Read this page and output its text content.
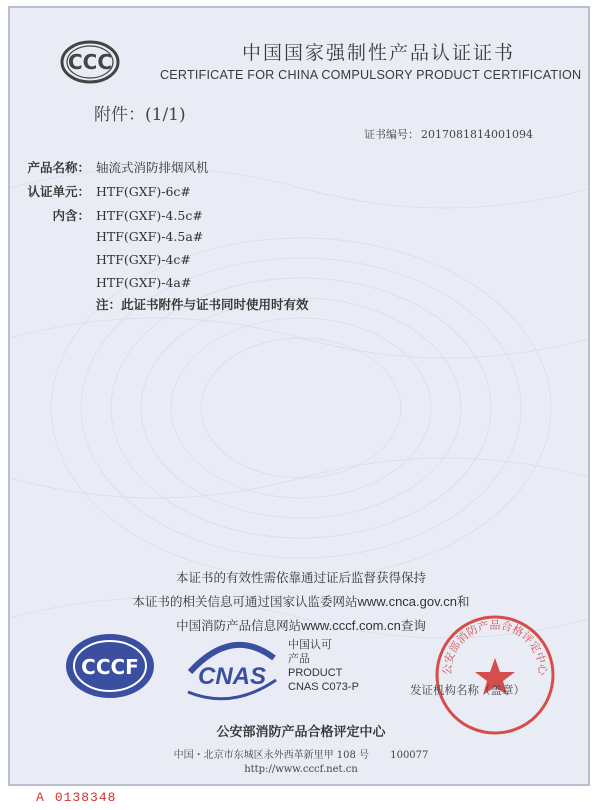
CCC	中国国家强制性产品认证证书
CERTIFICATE FOR CHINA COMPULSORY PRODUCT CERTIFICATION
附件：(1/1)
证书编号： 2017081814001094
产品名称： 轴流式消防排烟风机
认证单元： HTF(GXF)-6c#
内含： HTF(GXF)-4.5c#
HTF(GXF)-4.5a#
HTF(GXF)-4c#
HTF(GXF)-4a#
注：此证书附件与证书同时使用时有效
本证书的有效性需依靠通过证后监督获得保持
本证书的相关信息可通过国家认监委网站www.cnca.gov.cn和
中国消防产品信息网站www.cccf.com.cn查询
CCCF CNAS
中国认可
产品
PRODUCT
CNAS C073-P
公安部消防产品合格评定中心
发证机构名称（盖章）
公安部消防产品合格评定中心
中国・北京市东城区永外西革新里甲 108 号 100077
http://www.cccf.net.cn
A 0138348
